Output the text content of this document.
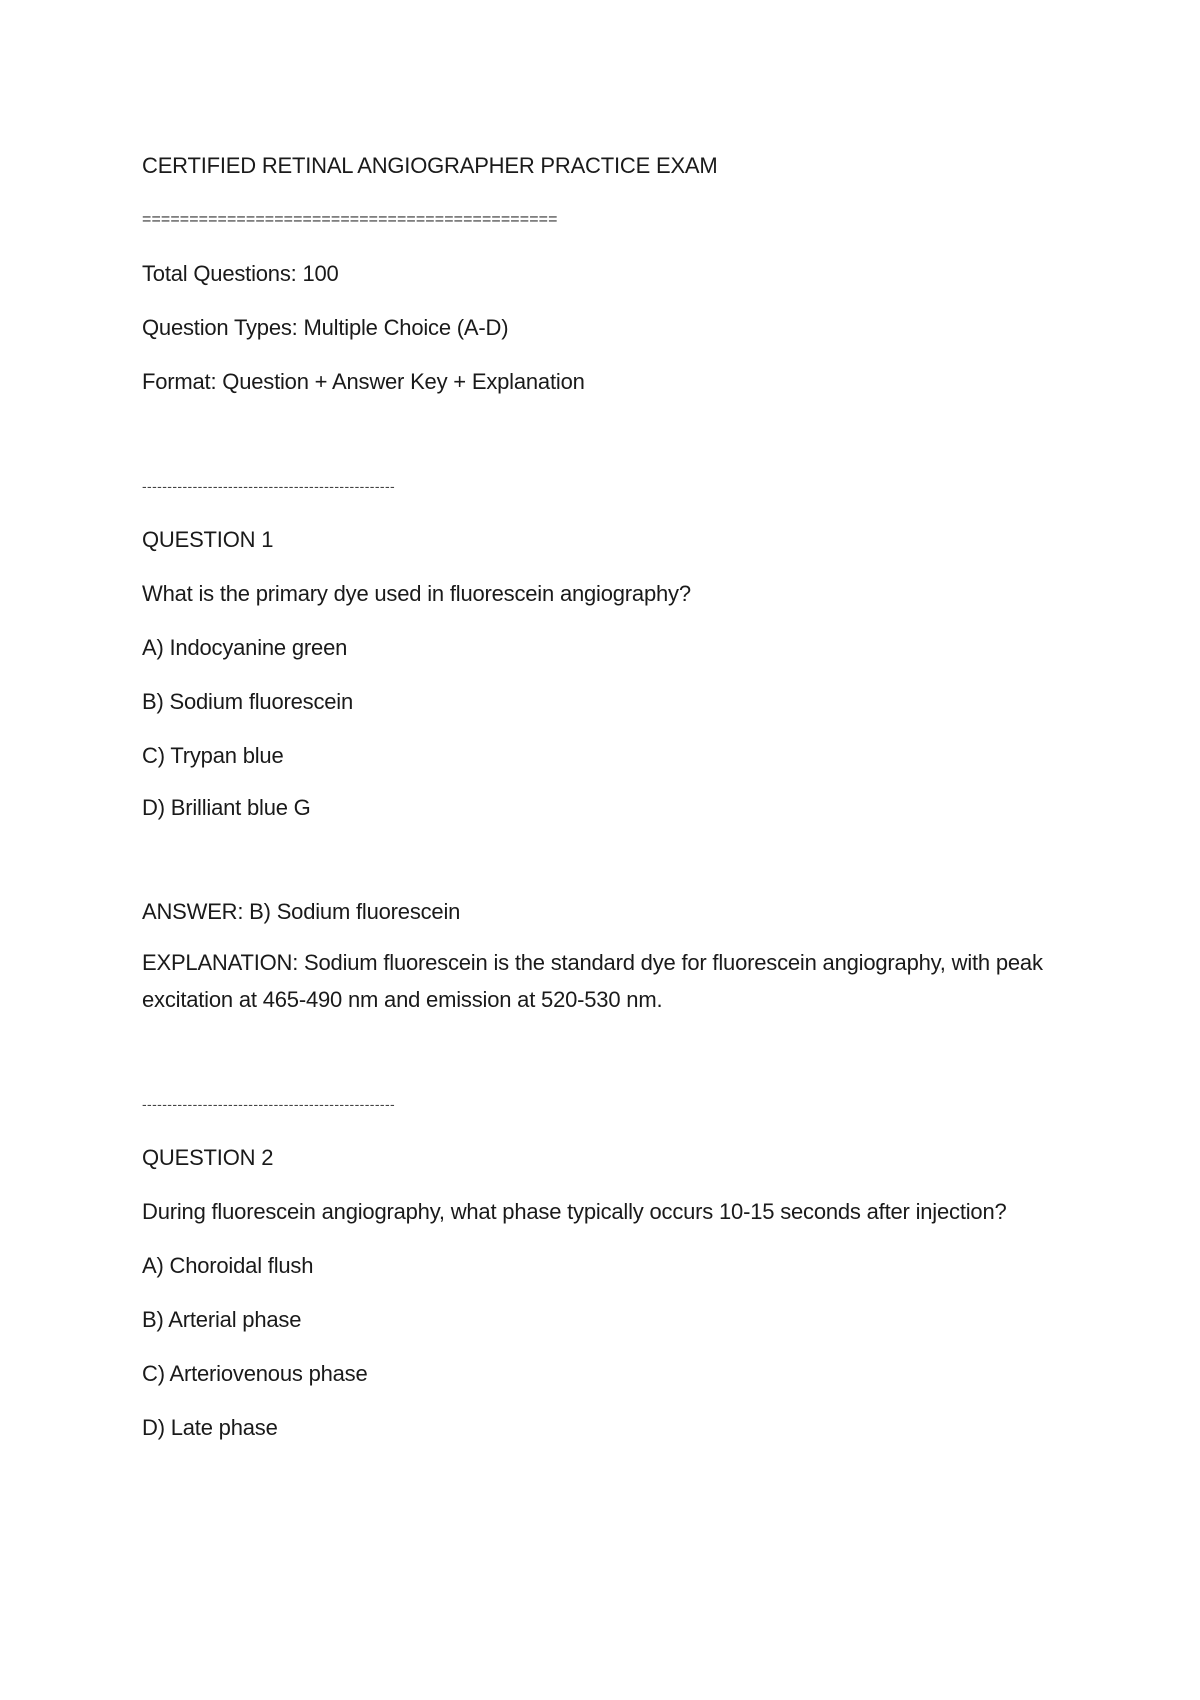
CERTIFIED RETINAL ANGIOGRAPHER PRACTICE EXAM

============================================

Total Questions: 100

Question Types: Multiple Choice (A-D)

Format: Question + Answer Key + Explanation

--------------------------------------------------

QUESTION 1

What is the primary dye used in fluorescein angiography?

A) Indocyanine green

B) Sodium fluorescein

C) Trypan blue

D) Brilliant blue G

ANSWER: B) Sodium fluorescein

EXPLANATION: Sodium fluorescein is the standard dye for fluorescein angiography, with peak excitation at 465-490 nm and emission at 520-530 nm.

--------------------------------------------------

QUESTION 2

During fluorescein angiography, what phase typically occurs 10-15 seconds after injection?

A) Choroidal flush

B) Arterial phase

C) Arteriovenous phase

D) Late phase
